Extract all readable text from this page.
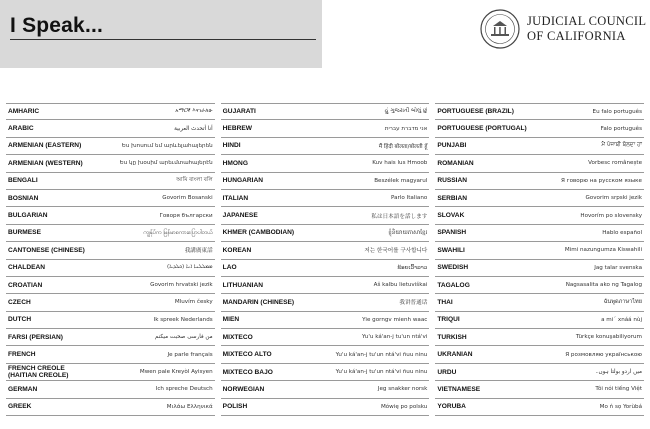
I Speak...	JUDICIAL COUNCIL
OF CALIFORNIA
AMHARIC	አማርኛ እናገራለሁ
ARABIC	أنا أتحدث العربية
ARMENIAN (EASTERN)	Ես խոսում եմ արևելահայերեն
ARMENIAN (WESTERN)	Ես կը խօսիմ արեւմտահայերէն
BENGALI	আমি বাংলা বলি
BOSNIAN	Govorim Bosanski
BULGARIAN	Говоря български
BURMESE	ကျွန်ုပ်က မြန်မာစကားပြောပါတယ်
CANTONESE (CHINESE)	我講廣東話
CHALDEAN	(ܟܠܕܝܐ) ܡܡܠܠܢܐ ܐܢܐ
CROATIAN	Govorim hrvatski jezik
CZECH	Mluvím česky
DUTCH	Ik spreek Nederlands
FARSI (PERSIAN)	من فارسی صحبت میکنم
FRENCH	Je parle français
FRENCH CREOLE (HAITIAN CREOLE)	Mwen pale Kreyòl Ayisyen
GERMAN	Ich spreche Deutsch
GREEK	Μιλάω Ελληνικά
GUJARATI	હું ગુજરાતી બોલું છું
HEBREW	אני מדברת עברית
HINDI	मैं हिंदी बोलता/बोलती हूँ
HMONG	Kuv hais lus Hmoob
HUNGARIAN	Beszélek magyarul
ITALIAN	Parlo Italiano
JAPANESE	私は日本語を話します
KHMER (CAMBODIAN)	ខ្ញុំនិយាយភាសាខ្មែរ
KOREAN	저는 한국어를 구사합니다
LAO	ຂ້ອຍເວົ້າລາວ
LITHUANIAN	Aš kalbu lietuviškai
MANDARIN (CHINESE)	我讲普通话
MIEN	Yie gorngv mienh waac
MIXTECO	Yu'u ká'an-j tu'un ntá'vi
MIXTECO ALTO	Yu'u ká'an-j tu'un ntá'vi ñuu ninu
MIXTECO BAJO	Yu'u ká'an-j tu'un ntá'vi ñuu ninu
NORWEGIAN	Jeg snakker norsk
POLISH	Mówię po polsku
PORTUGUESE (BRAZIL)	Eu falo português
PORTUGUESE (PORTUGAL)	Falo português
PUNJABI	ਮੈਂ ਪੰਜਾਬੀ ਬੋਲਦਾ ਹਾਂ
ROMANIAN	Vorbesc românește
RUSSIAN	Я говорю на русском языке
SERBIAN	Govorim srpski jezik
SLOVAK	Hovorím po slovensky
SPANISH	Hablo español
SWAHILI	Mimi nazungumza Kiswahili
SWEDISH	Jag talar svenska
TAGALOG	Nagsasalita ako ng Tagalog
THAI	ฉันพูดภาษาไทย
TRIQUI	a mi´ xnáá nùj
TURKISH	Türkçe konuşabiliyorum
UKRANIAN	Я розмовляю українською
URDU	میں اردو بولتا ہوں۔
VIETNAMESE	Tôi nói tiếng Việt
YORUBA	Mo ń sọ Yorùbá
